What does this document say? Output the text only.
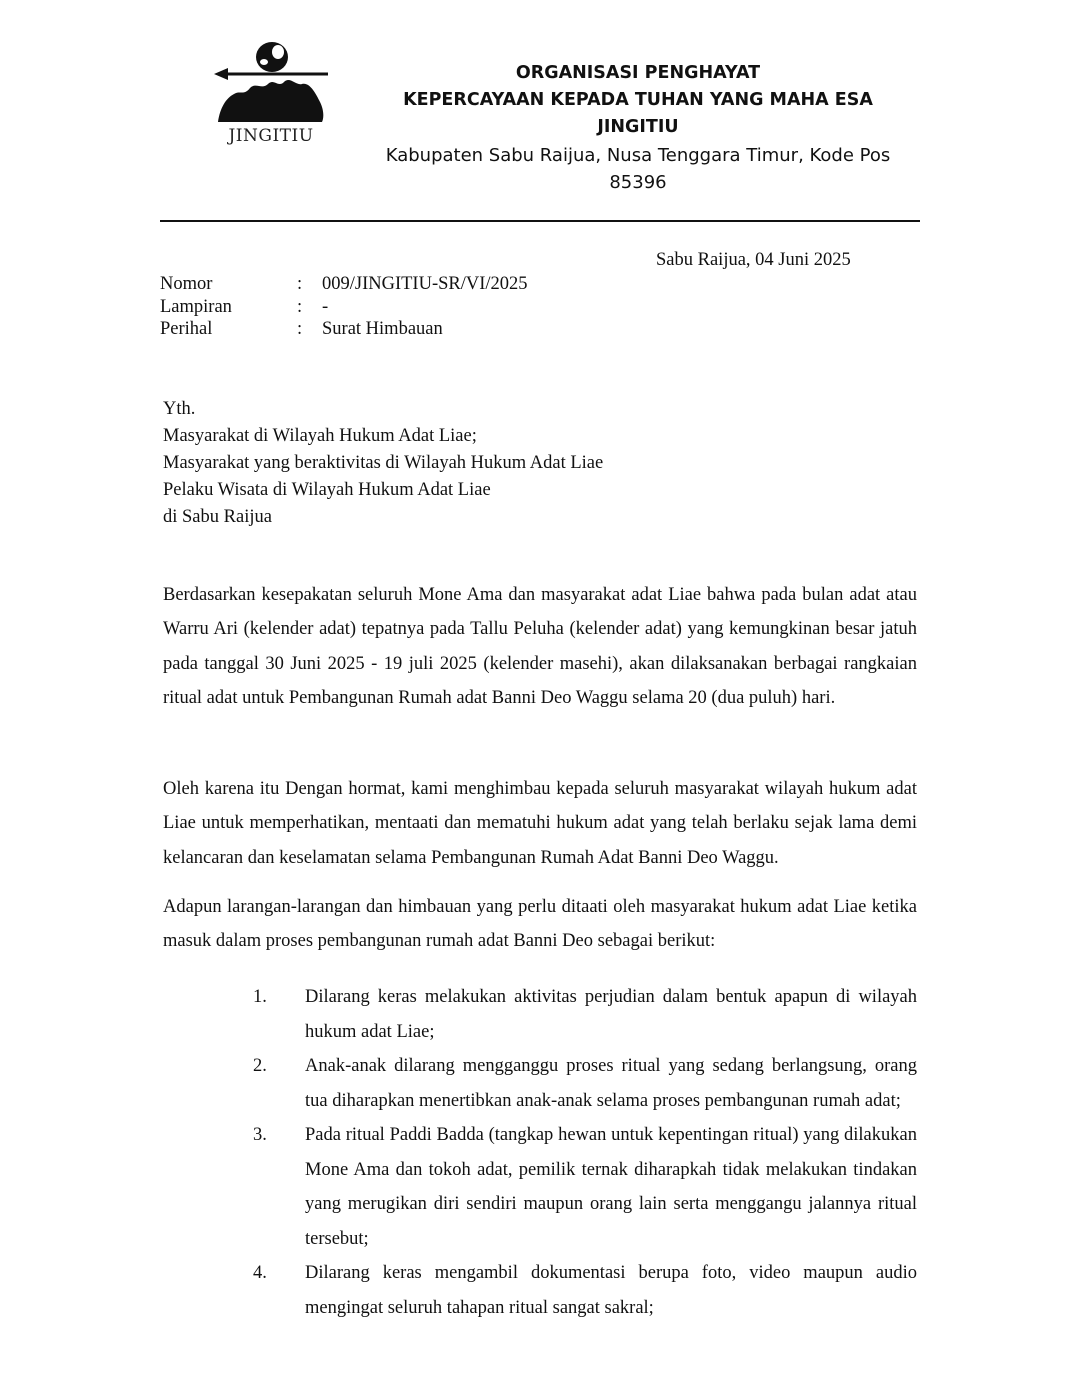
JINGITIU
ORGANISASI PENGHAYAT
KEPERCAYAAN KEPADA TUHAN YANG MAHA ESA
JINGITIU
Kabupaten Sabu Raijua, Nusa Tenggara Timur, Kode Pos
85396
Sabu Raijua, 04 Juni 2025
Nomor	:	009/JINGITIU-SR/VI/2025
Lampiran	:	-
Perihal	:	Surat Himbauan
Yth.
Masyarakat di Wilayah Hukum Adat Liae;
Masyarakat yang beraktivitas di Wilayah Hukum Adat Liae
Pelaku Wisata di Wilayah Hukum Adat Liae
di Sabu Raijua
Berdasarkan kesepakatan seluruh Mone Ama dan masyarakat adat Liae bahwa pada bulan adat atau Warru Ari (kelender adat) tepatnya pada Tallu Peluha (kelender adat) yang kemungkinan besar jatuh pada tanggal 30 Juni 2025 - 19 juli 2025 (kelender masehi), akan dilaksanakan berbagai rangkaian ritual adat untuk Pembangunan Rumah adat Banni Deo Waggu selama 20 (dua puluh) hari.
Oleh karena itu Dengan hormat, kami menghimbau kepada seluruh masyarakat wilayah hukum adat Liae untuk memperhatikan, mentaati dan mematuhi hukum adat yang telah berlaku sejak lama demi kelancaran dan keselamatan selama Pembangunan Rumah Adat Banni Deo Waggu.
Adapun larangan-larangan dan himbauan yang perlu ditaati oleh masyarakat hukum adat Liae ketika masuk dalam proses pembangunan rumah adat Banni Deo sebagai berikut:
1.	Dilarang keras melakukan aktivitas perjudian dalam bentuk apapun di wilayah hukum adat Liae;
2.	Anak-anak dilarang mengganggu proses ritual yang sedang berlangsung, orang tua diharapkan menertibkan anak-anak selama proses pembangunan rumah adat;
3.	Pada ritual Paddi Badda (tangkap hewan untuk kepentingan ritual) yang dilakukan Mone Ama dan tokoh adat, pemilik ternak diharapkah tidak melakukan tindakan yang merugikan diri sendiri maupun orang lain serta menggangu jalannya ritual tersebut;
4.	Dilarang keras mengambil dokumentasi berupa foto, video maupun audio mengingat seluruh tahapan ritual sangat sakral;
